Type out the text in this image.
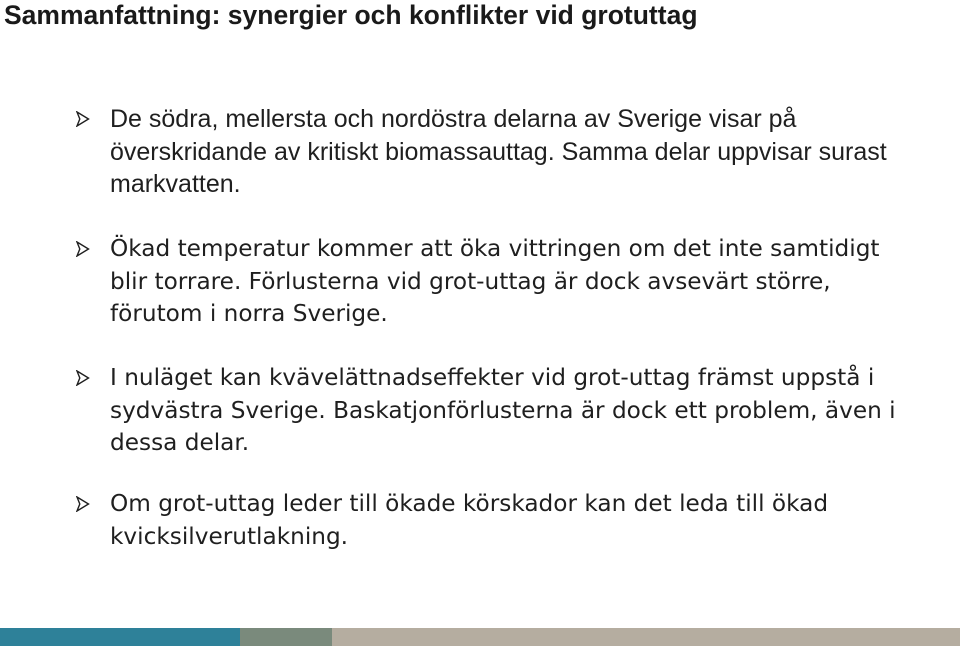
Sammanfattning: synergier och konflikter vid grotuttag
De södra, mellersta och nordöstra delarna av Sverige visar på överskridande av kritiskt biomassauttag. Samma delar uppvisar surast markvatten.
Ökad temperatur kommer att öka vittringen om det inte samtidigt blir torrare. Förlusterna vid grot-uttag är dock avsevärt större, förutom i norra Sverige.
I nuläget kan kvävelättnadseffekter vid grot-uttag främst uppstå i sydvästra Sverige. Baskatjonförlusterna är dock ett problem, även i dessa delar.
Om grot-uttag leder till ökade körskador kan det leda till ökad kvicksilverutlakning.
